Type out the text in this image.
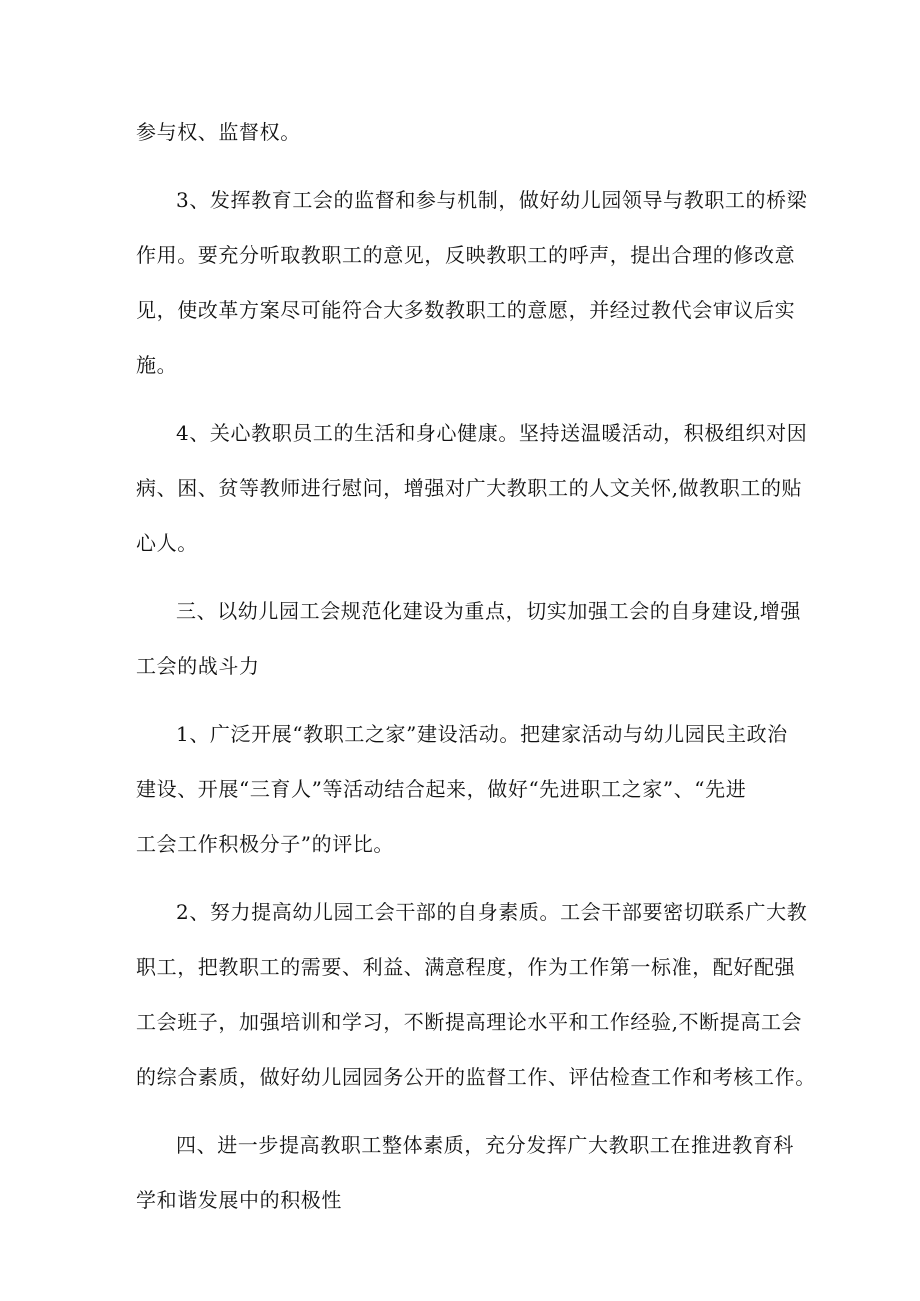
参与权、监督权。
3、发挥教育工会的监督和参与机制，做好幼儿园领导与教职工的桥梁
作用。要充分听取教职工的意见，反映教职工的呼声，提出合理的修改意
见，使改革方案尽可能符合大多数教职工的意愿，并经过教代会审议后实
施。
4、关心教职员工的生活和身心健康。坚持送温暖活动，积极组织对因
病、困、贫等教师进行慰问，增强对广大教职工的人文关怀,做教职工的贴
心人。
三、以幼儿园工会规范化建设为重点，切实加强工会的自身建设,增强
工会的战斗力
1、广泛开展“教职工之家”建设活动。把建家活动与幼儿园民主政治
建设、开展“三育人”等活动结合起来，做好“先进职工之家”、“先进
工会工作积极分子”的评比。
2、努力提高幼儿园工会干部的自身素质。工会干部要密切联系广大教
职工，把教职工的需要、利益、满意程度，作为工作第一标准，配好配强
工会班子，加强培训和学习，不断提高理论水平和工作经验,不断提高工会
的综合素质，做好幼儿园园务公开的监督工作、评估检查工作和考核工作。
四、进一步提高教职工整体素质，充分发挥广大教职工在推进教育科
学和谐发展中的积极性
